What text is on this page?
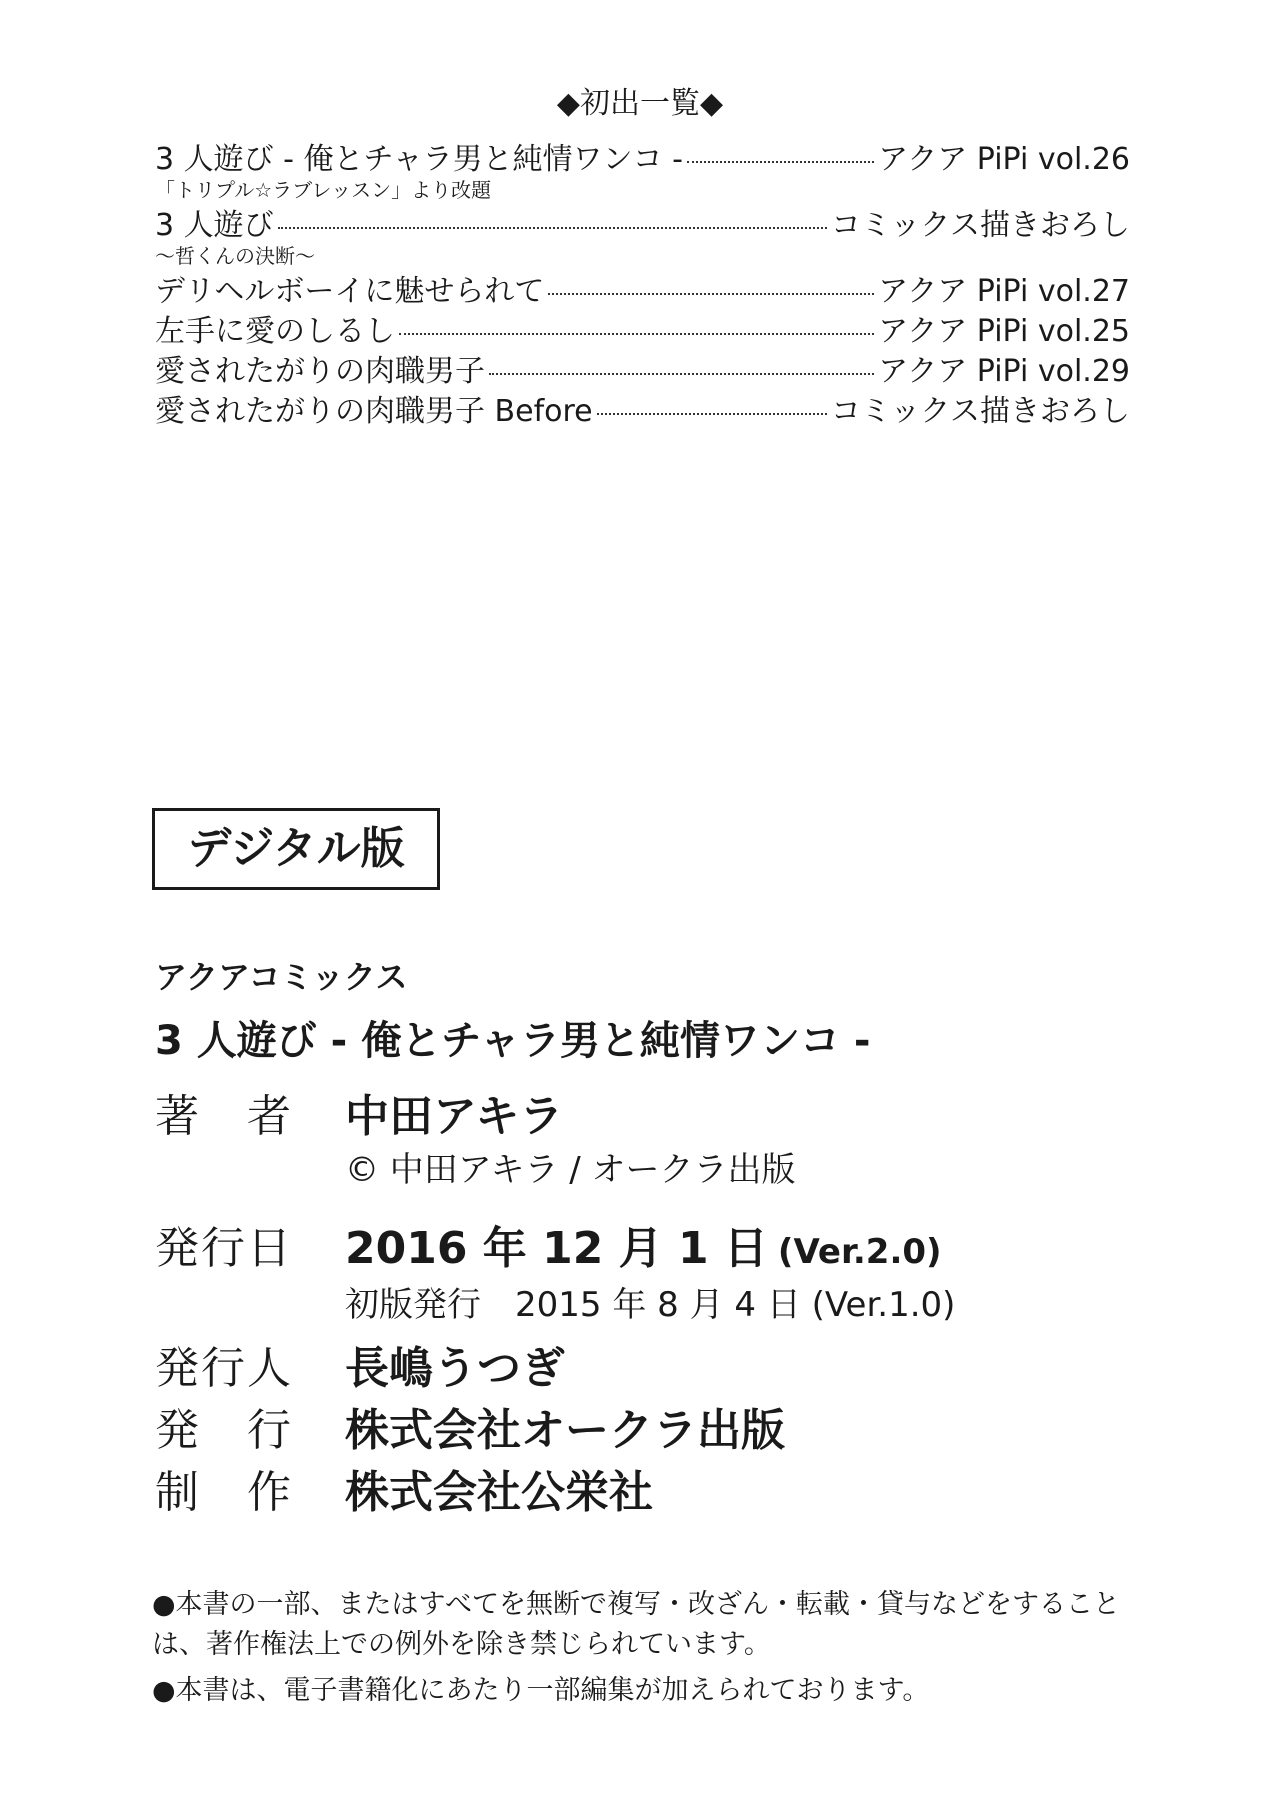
◆初出一覧◆
3 人遊び - 俺とチャラ男と純情ワンコ -	アクア PiPi vol.26
「トリプル☆ラブレッスン」より改題
3 人遊び	コミックス描きおろし
〜哲くんの決断〜
デリヘルボーイに魅せられて	アクア PiPi vol.27
左手に愛のしるし	アクア PiPi vol.25
愛されたがりの肉職男子	アクア PiPi vol.29
愛されたがりの肉職男子 Before	コミックス描きおろし
デジタル版
アクアコミックス
3 人遊び - 俺とチャラ男と純情ワンコ -
著　者	中田アキラ
© 中田アキラ / オークラ出版
発行日	2016 年 12 月 1 日 (Ver.2.0)
初版発行　2015 年 8 月 4 日 (Ver.1.0)
発行人	長嶋うつぎ
発　行	株式会社オークラ出版
制　作	株式会社公栄社

●本書の一部、またはすべてを無断で複写・改ざん・転載・貸与などをすることは、著作権法上での例外を除き禁じられています。

●本書は、電子書籍化にあたり一部編集が加えられております。
